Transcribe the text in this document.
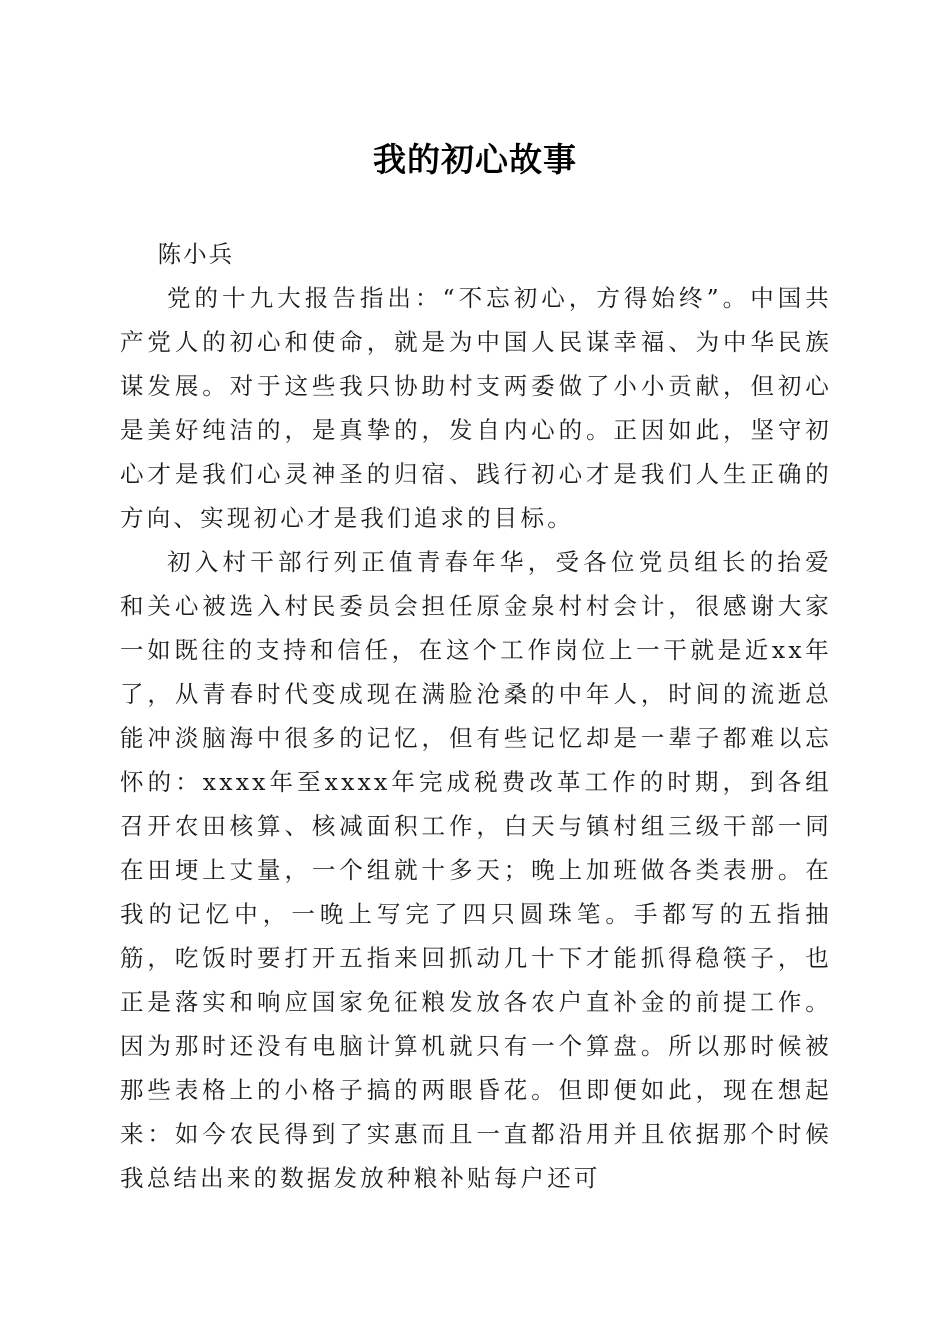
我的初心故事

陈小兵

党的十九大报告指出：“不忘初心，方得始终”。中国共产党人的初心和使命，就是为中国人民谋幸福、为中华民族谋发展。对于这些我只协助村支两委做了小小贡献，但初心是美好纯洁的，是真挚的，发自内心的。正因如此，坚守初心才是我们心灵神圣的归宿、践行初心才是我们人生正确的方向、实现初心才是我们追求的目标。

初入村干部行列正值青春年华，受各位党员组长的抬爱和关心被选入村民委员会担任原金泉村村会计，很感谢大家一如既往的支持和信任，在这个工作岗位上一干就是近xx年了，从青春时代变成现在满脸沧桑的中年人，时间的流逝总能冲淡脑海中很多的记忆，但有些记忆却是一辈子都难以忘怀的：xxxx年至xxxx年完成税费改革工作的时期，到各组召开农田核算、核减面积工作，白天与镇村组三级干部一同在田埂上丈量，一个组就十多天；晚上加班做各类表册。在我的记忆中，一晚上写完了四只圆珠笔。手都写的五指抽筋，吃饭时要打开五指来回抓动几十下才能抓得稳筷子，也正是落实和响应国家免征粮发放各农户直补金的前提工作。因为那时还没有电脑计算机就只有一个算盘。所以那时候被那些表格上的小格子搞的两眼昏花。但即便如此，现在想起来：如今农民得到了实惠而且一直都沿用并且依据那个时候我总结出来的数据发放种粮补贴每户还可
